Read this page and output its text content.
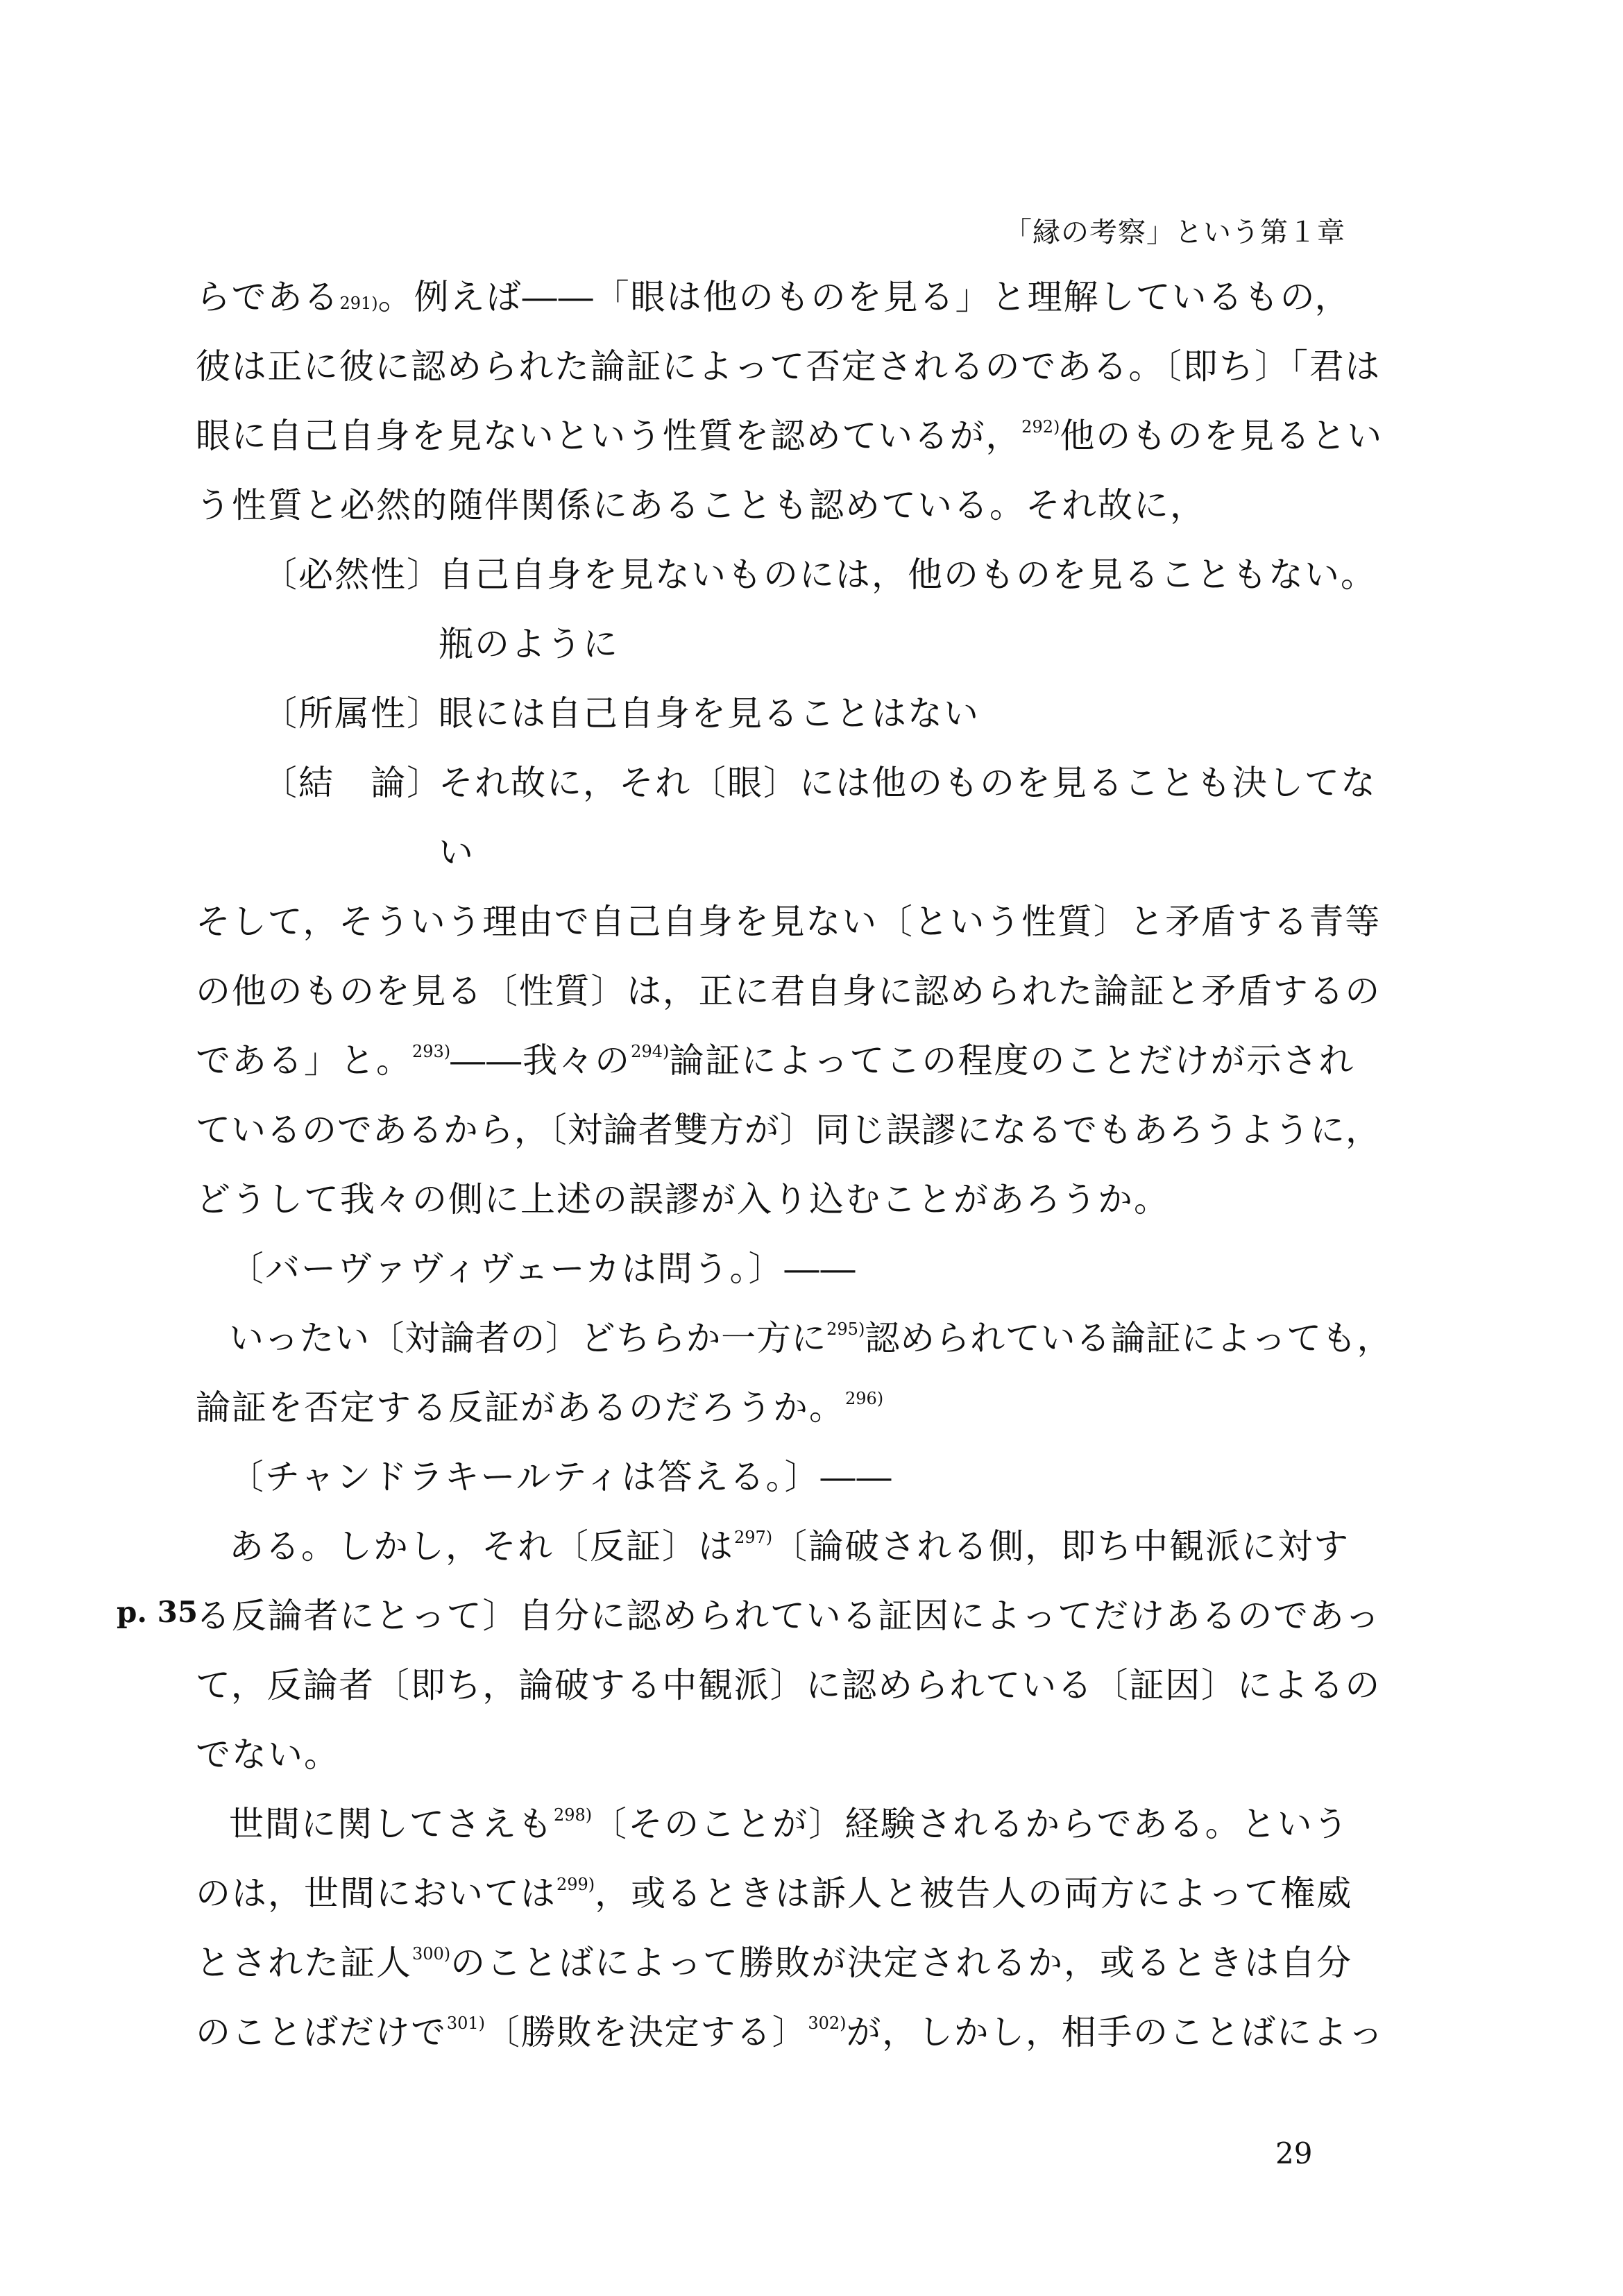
「縁の考察」という第１章
らである 291) 。例えば――「眼は他のものを見る」と理解しているもの，
彼は正に彼に認められた論証によって否定されるのである。〔即ち〕「君は
眼に自己自身を見ないという性質を認めているが，$^{292)}$他のものを見るとい
う性質と必然的随伴関係にあることも認めている。それ故に，
〔必然性〕
自己自身を見ないものには，他のものを見ることもない。
瓶のように
〔所属性〕
眼には自己自身を見ることはない
〔結　論〕
それ故に，それ〔眼〕には他のものを見ることも決してな
い
そして，そういう理由で自己自身を見ない〔という性質〕と矛盾する青等
の他のものを見る〔性質〕は，正に君自身に認められた論証と矛盾するの
である」と。$^{293)}$――我々の$^{294)}$論証によってこの程度のことだけが示され
ているのであるから，〔対論者雙方が〕同じ誤謬になるでもあろうように，
どうして我々の側に上述の誤謬が入り込むことがあろうか。
〔バーヴァヴィヴェーカは問う。〕――
いったい〔対論者の〕どちらか一方に$^{295)}$認められている論証によっても，
論証を否定する反証があるのだろうか。$^{296)}$
〔チャンドラキールティは答える。〕――
ある。しかし，それ〔反証〕は$^{297)}$〔論破される側，即ち中観派に対す
p. 35
る反論者にとって〕自分に認められている証因によってだけあるのであっ
て，反論者〔即ち，論破する中観派〕に認められている〔証因〕によるの
でない。
世間に関してさえも$^{298)}$〔そのことが〕経験されるからである。という
のは，世間においては$^{299)}$，或るときは訴人と被告人の両方によって権威
とされた証人$^{300)}$のことばによって勝敗が決定されるか，或るときは自分
のことばだけで$^{301)}$〔勝敗を決定する〕$^{302)}$が，しかし，相手のことばによっ
29
